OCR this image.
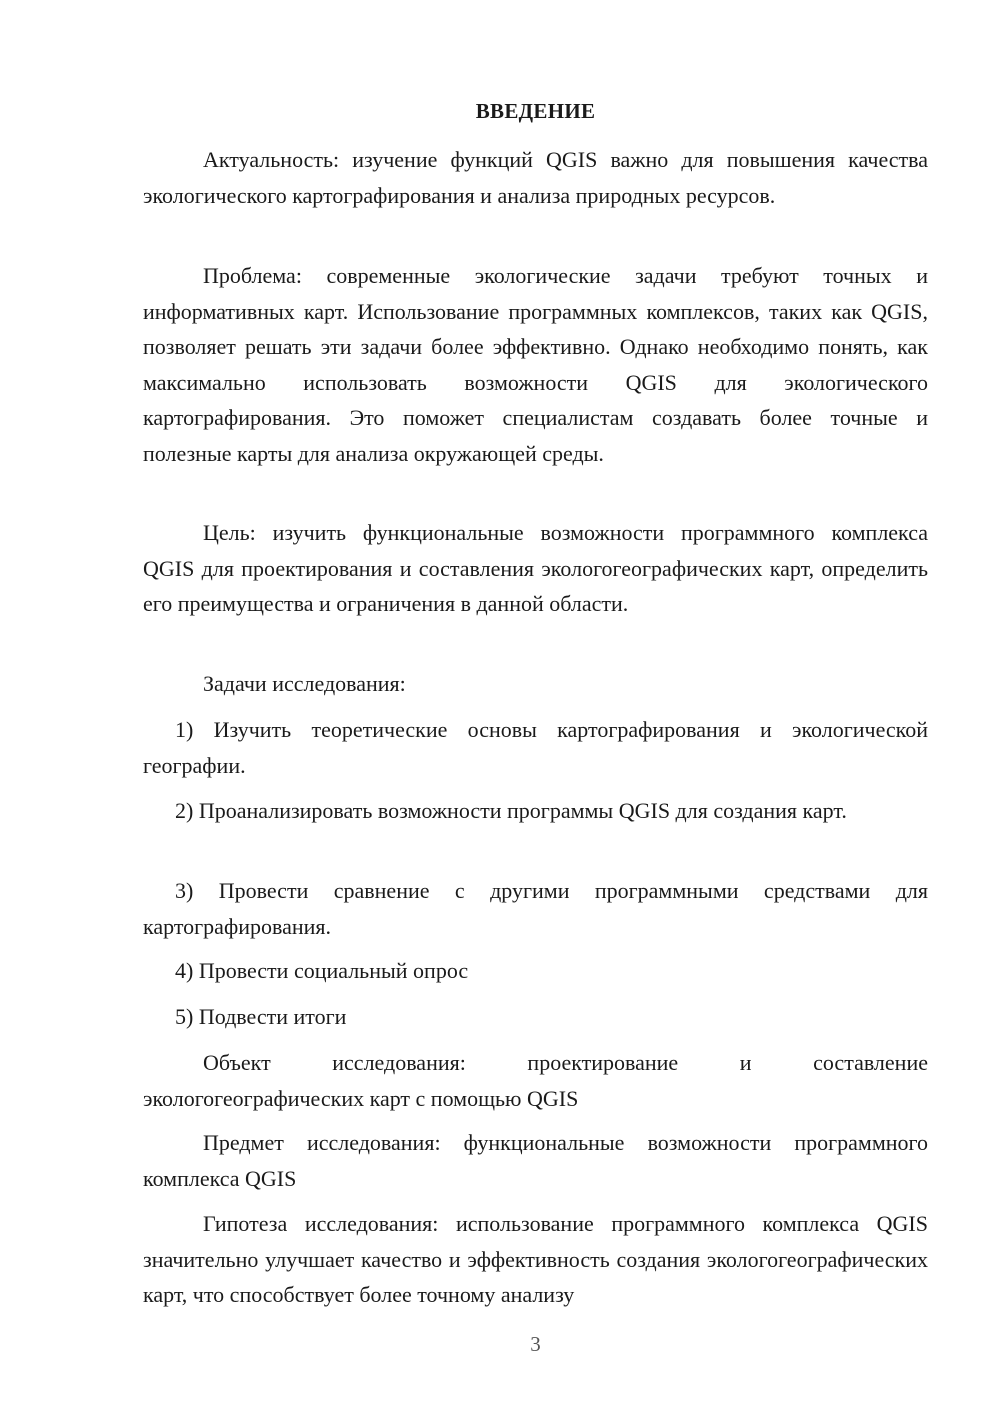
ВВЕДЕНИЕ

Актуальность: изучение функций QGIS важно для повышения качества экологического картографирования и анализа природных ресурсов.

Проблема: современные экологические задачи требуют точных и информативных карт. Использование программных комплексов, таких как QGIS, позволяет решать эти задачи более эффективно. Однако необходимо понять, как максимально использовать возможности QGIS для экологического картографирования. Это поможет специалистам создавать более точные и полезные карты для анализа окружающей среды.

Цель: изучить функциональные возможности программного комплекса QGIS для проектирования и составления экологогеографических карт, определить его преимущества и ограничения в данной области.

Задачи исследования:

1) Изучить теоретические основы картографирования и экологической географии.

2) Проанализировать возможности программы QGIS для создания карт.

3) Провести сравнение с другими программными средствами для картографирования.

4) Провести социальный опрос

5) Подвести итоги

Объект исследования: проектирование и составление экологогеографических карт с помощью QGIS

Предмет исследования: функциональные возможности программного комплекса QGIS

Гипотеза исследования: использование программного комплекса QGIS значительно улучшает качество и эффективность создания экологогеографических карт, что способствует более точному анализу

3
